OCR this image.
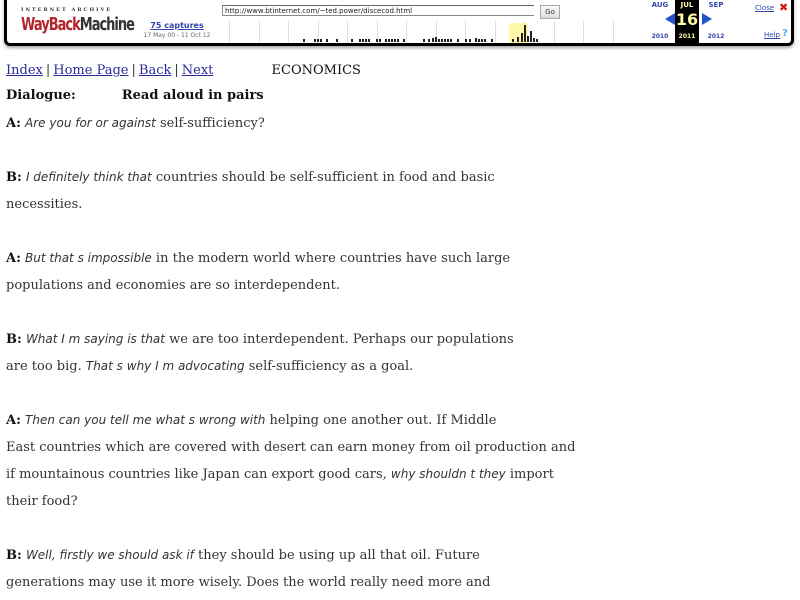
INTERNET ARCHIVE
WayBackMachine	75 captures
17 May 00 - 11 Oct 12
http://www.btinternet.com/~ted.power/discecod.html	Go
AUG
2010
JUL
16
2011
SEP
2012
Close ✖
Help ?
Index | Home Page | Back | Next	ECONOMICS
Dialogue:	Read aloud in pairs
A: Are you for or against self-sufficiency?
B: I definitely think that countries should be self-sufficient in food and basic
necessities.
A: But that s impossible in the modern world where countries have such large
populations and economies are so interdependent.
B: What I m saying is that we are too interdependent. Perhaps our populations
are too big. That s why I m advocating self-sufficiency as a goal.
A: Then can you tell me what s wrong with helping one another out. If Middle
East countries which are covered with desert can earn money from oil production and
if mountainous countries like Japan can export good cars, why shouldn t they import
their food?
B: Well, firstly we should ask if they should be using up all that oil. Future
generations may use it more wisely. Does the world really need more and
